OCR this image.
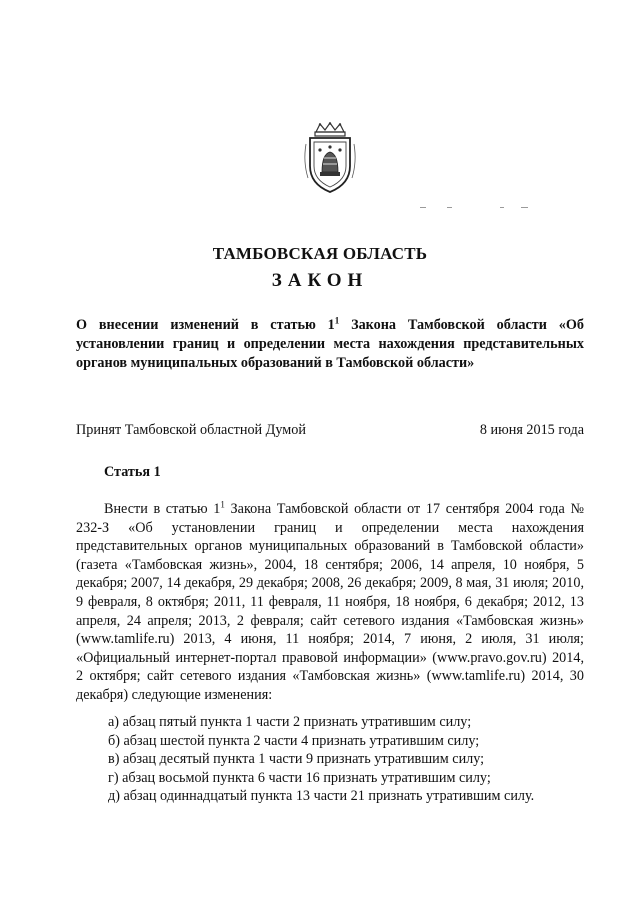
ТАМБОВСКАЯ ОБЛАСТЬ
ЗАКОН
О внесении изменений в статью $1^1$ Закона Тамбовской области «Об установлении границ и определении места нахождения представительных органов муниципальных образований в Тамбовской области»
Принят Тамбовской областной Думой	8 июня 2015 года
Статья 1

Внести в статью $1^1$ Закона Тамбовской области от 17 сентября 2004 года № 232-З «Об установлении границ и определении места нахождения представительных органов муниципальных образований в Тамбовской области» (газета «Тамбовская жизнь», 2004, 18 сентября; 2006, 14 апреля, 10 ноября, 5 декабря; 2007, 14 декабря, 29 декабря; 2008, 26 декабря; 2009, 8 мая, 31 июля; 2010, 9 февраля, 8 октября; 2011, 11 февраля, 11 ноября, 18 ноября, 6 декабря; 2012, 13 апреля, 24 апреля; 2013, 2 февраля; сайт сетевого издания «Тамбовская жизнь» (www.tamlife.ru) 2013, 4 июня, 11 ноября; 2014, 7 июня, 2 июля, 31 июля; «Официальный интернет-портал правовой информации» (www.pravo.gov.ru) 2014, 2 октября; сайт сетевого издания «Тамбовская жизнь» (www.tamlife.ru) 2014, 30 декабря) следующие изменения:

а) абзац пятый пункта 1 части 2 признать утратившим силу;

б) абзац шестой пункта 2 части 4 признать утратившим силу;

в) абзац десятый пункта 1 части 9 признать утратившим силу;

г) абзац восьмой пункта 6 части 16 признать утратившим силу;

д) абзац одиннадцатый пункта 13 части 21 признать утратившим силу.
